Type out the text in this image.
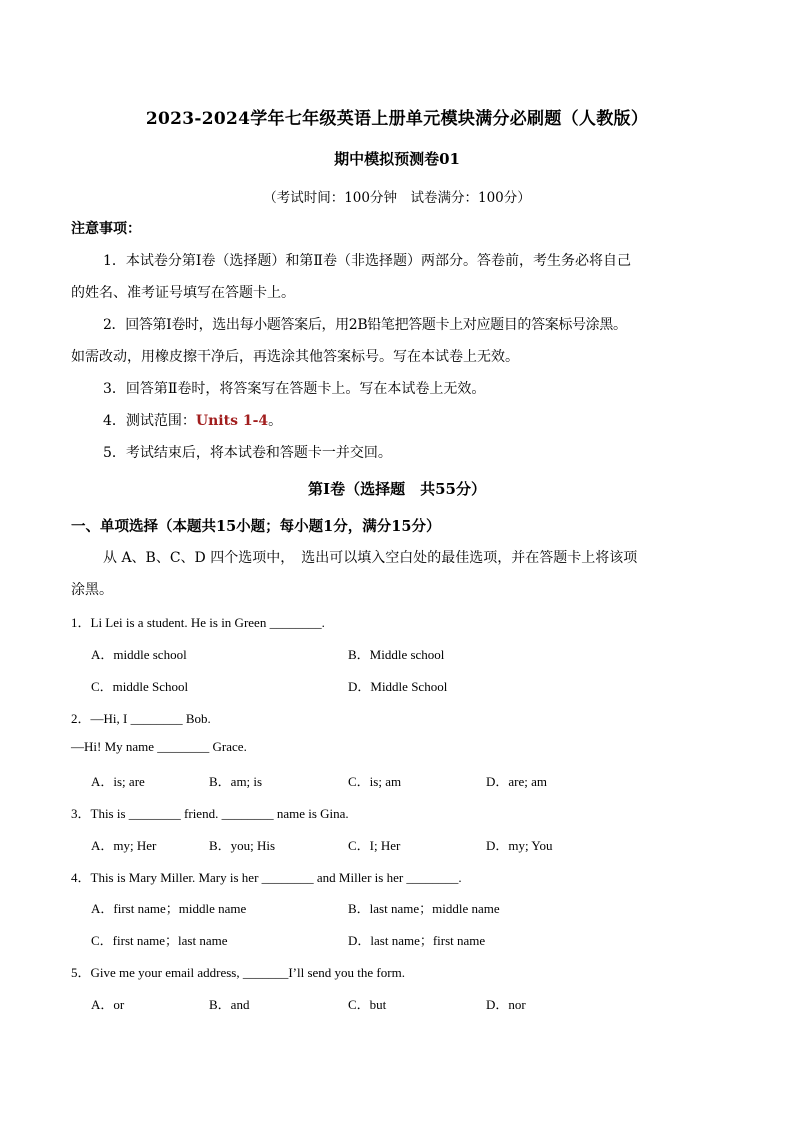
2023-2024学年七年级英语上册单元模块满分必刷题（人教版）
期中模拟预测卷01
（考试时间：100分钟　试卷满分：100分）
注意事项：
1．本试卷分第Ⅰ卷（选择题）和第Ⅱ卷（非选择题）两部分。答卷前，考生务必将自己
的姓名、准考证号填写在答题卡上。
2．回答第Ⅰ卷时，选出每小题答案后，用2B铅笔把答题卡上对应题目的答案标号涂黑。
如需改动，用橡皮擦干净后，再选涂其他答案标号。写在本试卷上无效。
3．回答第Ⅱ卷时，将答案写在答题卡上。写在本试卷上无效。
4．测试范围：Units 1-4。
5．考试结束后，将本试卷和答题卡一并交回。
第Ⅰ卷（选择题　共55分）
一、单项选择（本题共15小题；每小题1分，满分15分）
从 A、B、C、D 四个选项中，　选出可以填入空白处的最佳选项，并在答题卡上将该项
涂黑。
1．Li Lei is a student. He is in Green ________.
A．middle school	B．Middle school
C．middle School	D．Middle School
2．—Hi, I ________ Bob.
—Hi! My name ________ Grace.
A．is; are	B．am; is	C．is; am	D．are; am
3．This is ________ friend. ________ name is Gina.
A．my; Her	B．you; His	C．I; Her	D．my; You
4．This is Mary Miller. Mary is her ________ and Miller is her ________.
A．first name；middle name	B．last name；middle name
C．first name；last name	D．last name；first name
5．Give me your email address, _______I’ll send you the form.
A．or	B．and	C．but	D．nor
